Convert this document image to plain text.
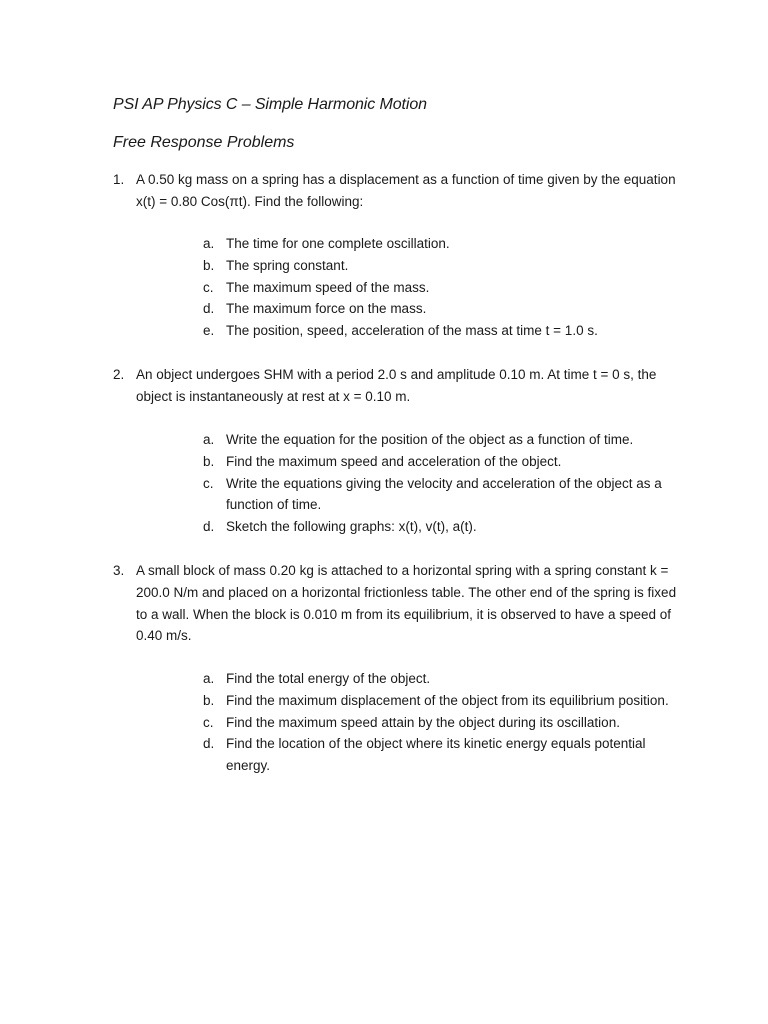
PSI AP Physics C – Simple Harmonic Motion
Free Response Problems
1. A 0.50 kg mass on a spring has a displacement as a function of time given by the equation x(t) = 0.80 Cos(πt). Find the following:
a. The time for one complete oscillation.
b. The spring constant.
c. The maximum speed of the mass.
d. The maximum force on the mass.
e. The position, speed, acceleration of the mass at time t = 1.0 s.
2. An object undergoes SHM with a period 2.0 s and amplitude 0.10 m. At time t = 0 s, the object is instantaneously at rest at x = 0.10 m.
a. Write the equation for the position of the object as a function of time.
b. Find the maximum speed and acceleration of the object.
c. Write the equations giving the velocity and acceleration of the object as a function of time.
d. Sketch the following graphs: x(t), v(t), a(t).
3. A small block of mass 0.20 kg is attached to a horizontal spring with a spring constant k = 200.0 N/m and placed on a horizontal frictionless table. The other end of the spring is fixed to a wall. When the block is 0.010 m from its equilibrium, it is observed to have a speed of 0.40 m/s.
a. Find the total energy of the object.
b. Find the maximum displacement of the object from its equilibrium position.
c. Find the maximum speed attain by the object during its oscillation.
d. Find the location of the object where its kinetic energy equals potential energy.
